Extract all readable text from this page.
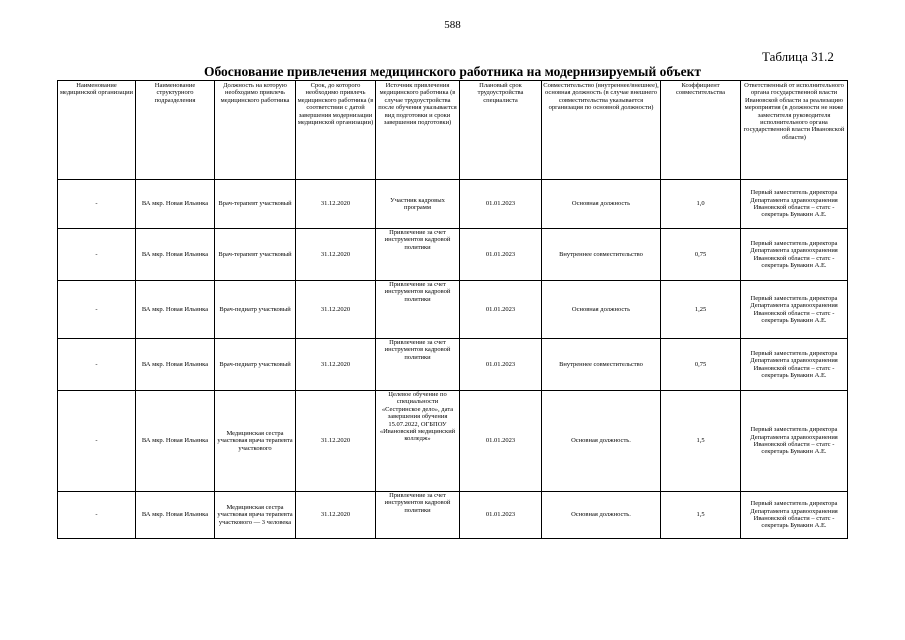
588
Таблица 31.2
Обоснование привлечения медицинского работника на модернизируемый объект
Наименование медицинской организации	Наименование структурного подразделения	Должность на которую необходимо привлечь медицинского работника	Срок, до которого необходимо привлечь медицинского работника (в соответствии с датой завершения модернизации медицинской организации)	Источник привлечения медицинского работника (в случае трудоустройства после обучения указывается вид подготовки и сроки завершения подготовки)	Плановый срок трудоустройства специалиста	Совместительство (внутреннее/внешнее), основная должность (в случае внешнего совместительства указывается организация по основной должности)	Коэффициент совместительства	Ответственный от исполнительного органа государственной власти Ивановской области за реализацию мероприятия (в должности не ниже заместителя руководителя исполнительного органа государственной власти Ивановской области)
-	ВА мкр. Новая Ильинка	Врач-терапевт участковый	31.12.2020	Участник кадровых программ	01.01.2023	Основная должность	1,0	Первый заместитель директора Департамента здравоохранения Ивановской области – статс - секретарь Бувакин А.Е.
-	ВА мкр. Новая Ильинка	Врач-терапевт участковый	31.12.2020	Привлечение за счет инструментов кадровой политики	01.01.2023	Внутреннее совместительство	0,75	Первый заместитель директора Департамента здравоохранения Ивановской области – статс - секретарь Бувакин А.Е.
-	ВА мкр. Новая Ильинка	Врач-педиатр участковый	31.12.2020	Привлечение за счет инструментов кадровой политики	01.01.2023	Основная должность	1,25	Первый заместитель директора Департамента здравоохранения Ивановской области – статс - секретарь Бувакин А.Е.
-	ВА мкр. Новая Ильинка	Врач-педиатр участковый	31.12.2020	Привлечение за счет инструментов кадровой политики	01.01.2023	Внутреннее совместительство	0,75	Первый заместитель директора Департамента здравоохранения Ивановской области – статс - секретарь Бувакин А.Е.
-	ВА мкр. Новая Ильинка	Медицинская сестра участковая врача терапевта участкового	31.12.2020	Целевое обучение по специальности «Сестринское дело», дата завершения обучения 15.07.2022, ОГБПОУ «Ивановский медицинский колледж»	01.01.2023	Основная должность.	1,5	Первый заместитель директора Департамента здравоохранения Ивановской области – статс - секретарь Бувакин А.Е.
-	ВА мкр. Новая Ильинка	Медицинская сестра участковая врача терапевта участкового — 3 человека	31.12.2020	Привлечение за счет инструментов кадровой политики	01.01.2023	Основная должность.	1,5	Первый заместитель директора Департамента здравоохранения Ивановской области – статс - секретарь Бувакин А.Е.
